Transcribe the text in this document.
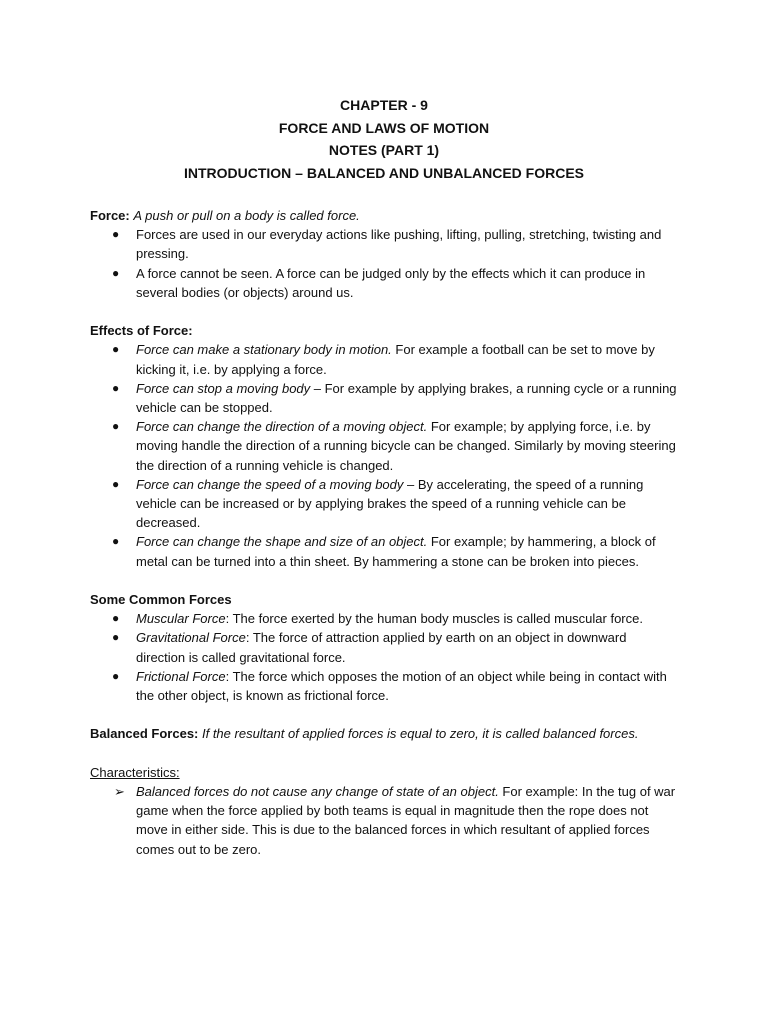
CHAPTER - 9
FORCE AND LAWS OF MOTION
NOTES (PART 1)
INTRODUCTION – BALANCED AND UNBALANCED FORCES

Force: A push or pull on a body is called force.

● Forces are used in our everyday actions like pushing, lifting, pulling, stretching, twisting and pressing.
● A force cannot be seen. A force can be judged only by the effects which it can produce in several bodies (or objects) around us.

Effects of Force:

● Force can make a stationary body in motion. For example a football can be set to move by kicking it, i.e. by applying a force.
● Force can stop a moving body – For example by applying brakes, a running cycle or a running vehicle can be stopped.
● Force can change the direction of a moving object. For example; by applying force, i.e. by moving handle the direction of a running bicycle can be changed. Similarly by moving steering the direction of a running vehicle is changed.
● Force can change the speed of a moving body – By accelerating, the speed of a running vehicle can be increased or by applying brakes the speed of a running vehicle can be decreased.
● Force can change the shape and size of an object. For example; by hammering, a block of metal can be turned into a thin sheet. By hammering a stone can be broken into pieces.

Some Common Forces

● Muscular Force: The force exerted by the human body muscles is called muscular force.
● Gravitational Force: The force of attraction applied by earth on an object in downward direction is called gravitational force.
● Frictional Force: The force which opposes the motion of an object while being in contact with the other object, is known as frictional force.

Balanced Forces: If the resultant of applied forces is equal to zero, it is called balanced forces.

Characteristics:

➢ Balanced forces do not cause any change of state of an object. For example: In the tug of war game when the force applied by both teams is equal in magnitude then the rope does not move in either side. This is due to the balanced forces in which resultant of applied forces comes out to be zero.
